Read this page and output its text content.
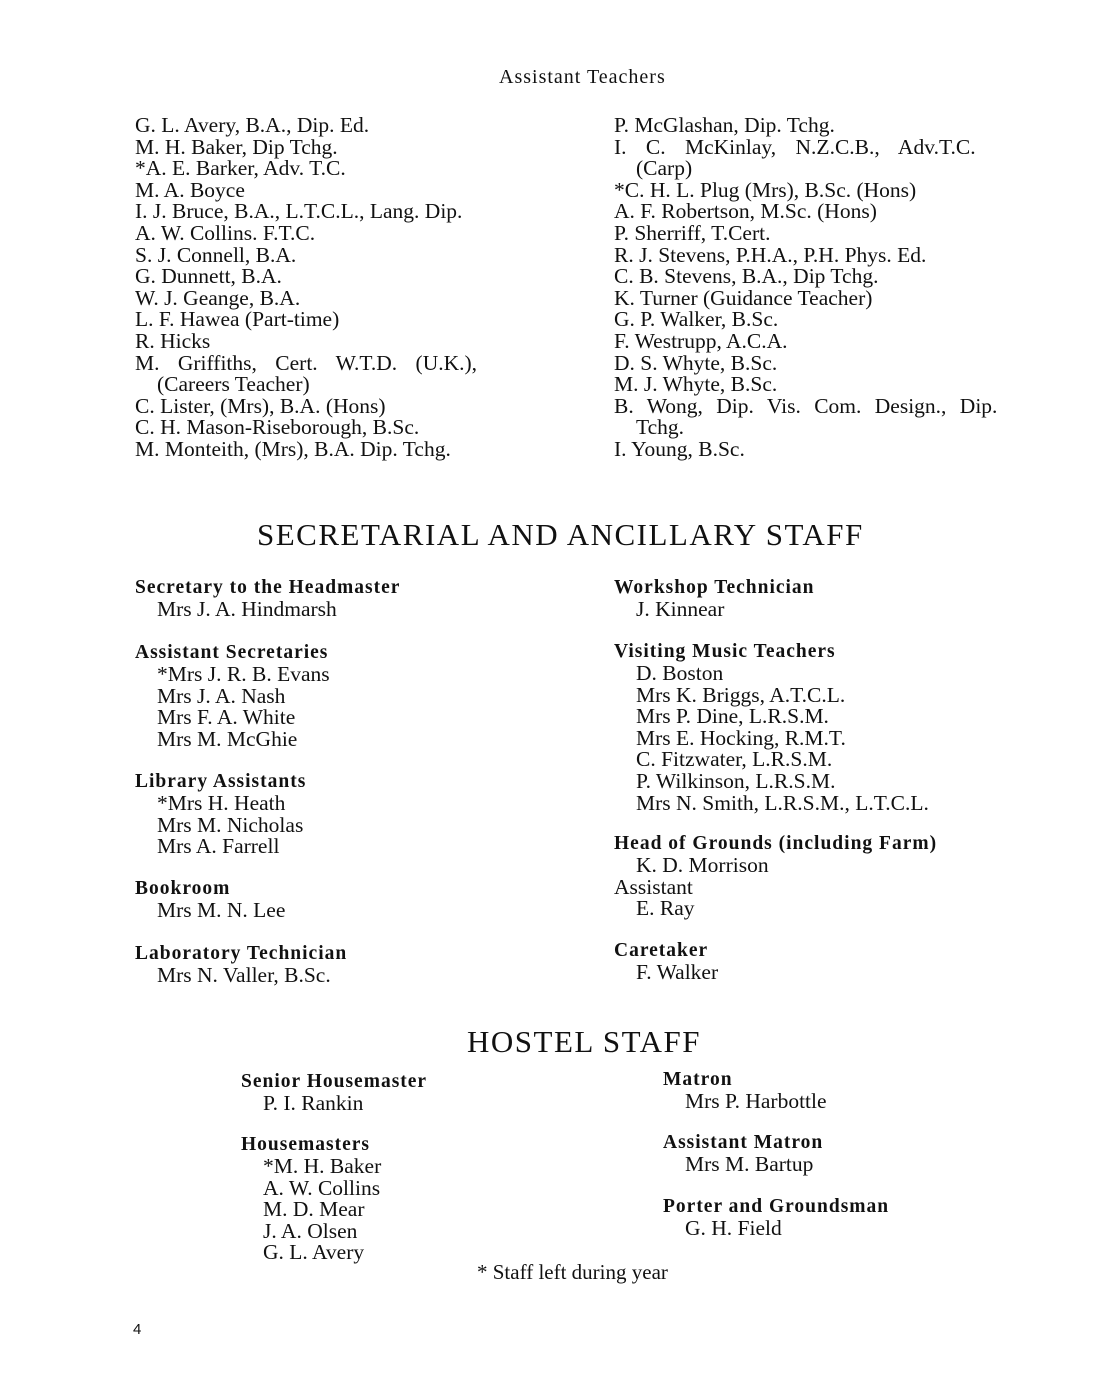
Assistant Teachers
G. L. Avery, B.A., Dip. Ed.
M. H. Baker, Dip Tchg.
*A. E. Barker, Adv. T.C.
M. A. Boyce
I. J. Bruce, B.A., L.T.C.L., Lang. Dip.
A. W. Collins. F.T.C.
S. J. Connell, B.A.
G. Dunnett, B.A.
W. J. Geange, B.A.
L. F. Hawea (Part-time)
R. Hicks
M. Griffiths, Cert. W.T.D. (U.K.),
(Careers Teacher)
C. Lister, (Mrs), B.A. (Hons)
C. H. Mason-Riseborough, B.Sc.
M. Monteith, (Mrs), B.A. Dip. Tchg.
P. McGlashan, Dip. Tchg.
I. C. McKinlay, N.Z.C.B., Adv.T.C.
(Carp)
*C. H. L. Plug (Mrs), B.Sc. (Hons)
A. F. Robertson, M.Sc. (Hons)
P. Sherriff, T.Cert.
R. J. Stevens, P.H.A., P.H. Phys. Ed.
C. B. Stevens, B.A., Dip Tchg.
K. Turner (Guidance Teacher)
G. P. Walker, B.Sc.
F. Westrupp, A.C.A.
D. S. Whyte, B.Sc.
M. J. Whyte, B.Sc.
B. Wong, Dip. Vis. Com. Design., Dip.
Tchg.
I. Young, B.Sc.
SECRETARIAL AND ANCILLARY STAFF
Secretary to the Headmaster
Mrs J. A. Hindmarsh
Assistant Secretaries
*Mrs J. R. B. Evans
Mrs J. A. Nash
Mrs F. A. White
Mrs M. McGhie
Library Assistants
*Mrs H. Heath
Mrs M. Nicholas
Mrs A. Farrell
Bookroom
Mrs M. N. Lee
Laboratory Technician
Mrs N. Valler, B.Sc.
Workshop Technician
J. Kinnear
Visiting Music Teachers
D. Boston
Mrs K. Briggs, A.T.C.L.
Mrs P. Dine, L.R.S.M.
Mrs E. Hocking, R.M.T.
C. Fitzwater, L.R.S.M.
P. Wilkinson, L.R.S.M.
Mrs N. Smith, L.R.S.M., L.T.C.L.
Head of Grounds (including Farm)
K. D. Morrison
Assistant
E. Ray
Caretaker
F. Walker
HOSTEL STAFF
Senior Housemaster
P. I. Rankin
Housemasters
*M. H. Baker
A. W. Collins
M. D. Mear
J. A. Olsen
G. L. Avery
Matron
Mrs P. Harbottle
Assistant Matron
Mrs M. Bartup
Porter and Groundsman
G. H. Field
* Staff left during year
4
